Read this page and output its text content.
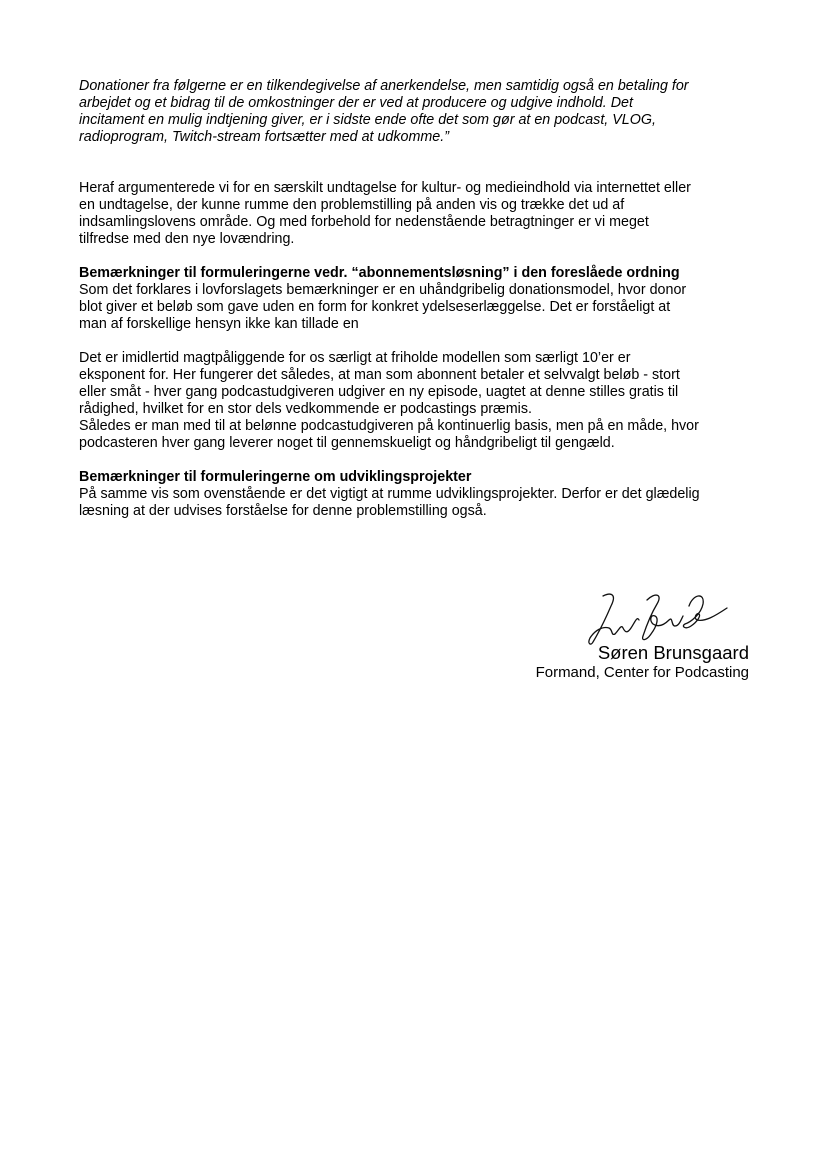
Donationer fra følgerne er en tilkendegivelse af anerkendelse, men samtidig også en betaling for
arbejdet og et bidrag til de omkostninger der er ved at producere og udgive indhold. Det
incitament en mulig indtjening giver, er i sidste ende ofte det som gør at en podcast, VLOG,
radioprogram, Twitch-stream fortsætter med at udkomme.”

Heraf argumenterede vi for en særskilt undtagelse for kultur- og medieindhold via internettet eller
en undtagelse, der kunne rumme den problemstilling på anden vis og trække det ud af
indsamlingslovens område. Og med forbehold for nedenstående betragtninger er vi meget
tilfredse med den nye lovændring.

Bemærkninger til formuleringerne vedr. “abonnementsløsning” i den foreslåede ordning
Som det forklares i lovforslagets bemærkninger er en uhåndgribelig donationsmodel, hvor donor
blot giver et beløb som gave uden en form for konkret ydelseserlæggelse. Det er forståeligt at
man af forskellige hensyn ikke kan tillade en

Det er imidlertid magtpåliggende for os særligt at friholde modellen som særligt 10’er er
eksponent for. Her fungerer det således, at man som abonnent betaler et selvvalgt beløb - stort
eller småt - hver gang podcastudgiveren udgiver en ny episode, uagtet at denne stilles gratis til
rådighed, hvilket for en stor dels vedkommende er podcastings præmis.
Således er man med til at belønne podcastudgiveren på kontinuerlig basis, men på en måde, hvor
podcasteren hver gang leverer noget til gennemskueligt og håndgribeligt til gengæld.

Bemærkninger til formuleringerne om udviklingsprojekter
På samme vis som ovenstående er det vigtigt at rumme udviklingsprojekter. Derfor er det glædelig
læsning at der udvises forståelse for denne problemstilling også.

Søren Brunsgaard
Formand, Center for Podcasting
